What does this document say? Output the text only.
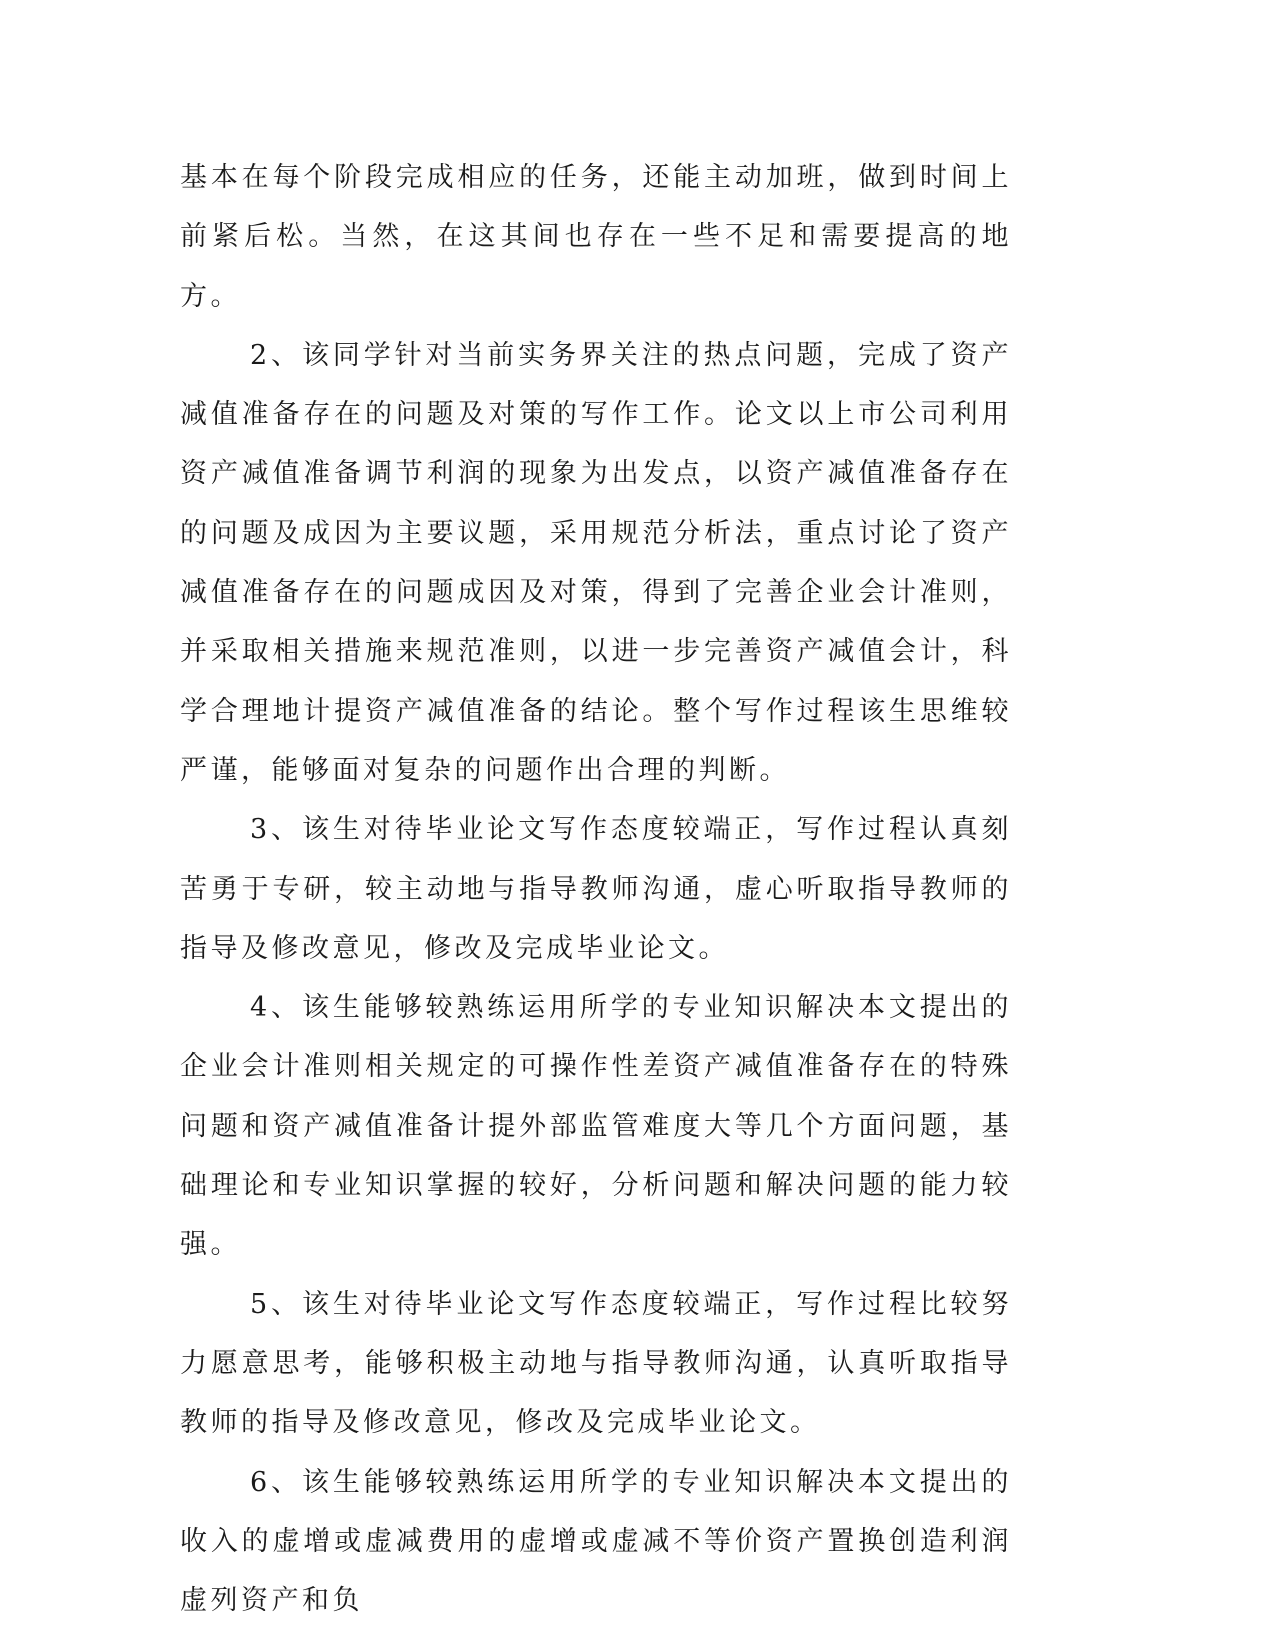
基本在每个阶段完成相应的任务，还能主动加班，做到时间上前紧后松。当然，在这其间也存在一些不足和需要提高的地方。

2、该同学针对当前实务界关注的热点问题，完成了资产减值准备存在的问题及对策的写作工作。论文以上市公司利用资产减值准备调节利润的现象为出发点，以资产减值准备存在的问题及成因为主要议题，采用规范分析法，重点讨论了资产减值准备存在的问题成因及对策，得到了完善企业会计准则，并采取相关措施来规范准则，以进一步完善资产减值会计，科学合理地计提资产减值准备的结论。整个写作过程该生思维较严谨，能够面对复杂的问题作出合理的判断。

3、该生对待毕业论文写作态度较端正，写作过程认真刻苦勇于专研，较主动地与指导教师沟通，虚心听取指导教师的指导及修改意见，修改及完成毕业论文。

4、该生能够较熟练运用所学的专业知识解决本文提出的企业会计准则相关规定的可操作性差资产减值准备存在的特殊问题和资产减值准备计提外部监管难度大等几个方面问题，基础理论和专业知识掌握的较好，分析问题和解决问题的能力较强。

5、该生对待毕业论文写作态度较端正，写作过程比较努力愿意思考，能够积极主动地与指导教师沟通，认真听取指导教师的指导及修改意见，修改及完成毕业论文。

6、该生能够较熟练运用所学的专业知识解决本文提出的收入的虚增或虚减费用的虚增或虚减不等价资产置换创造利润虚列资产和负
